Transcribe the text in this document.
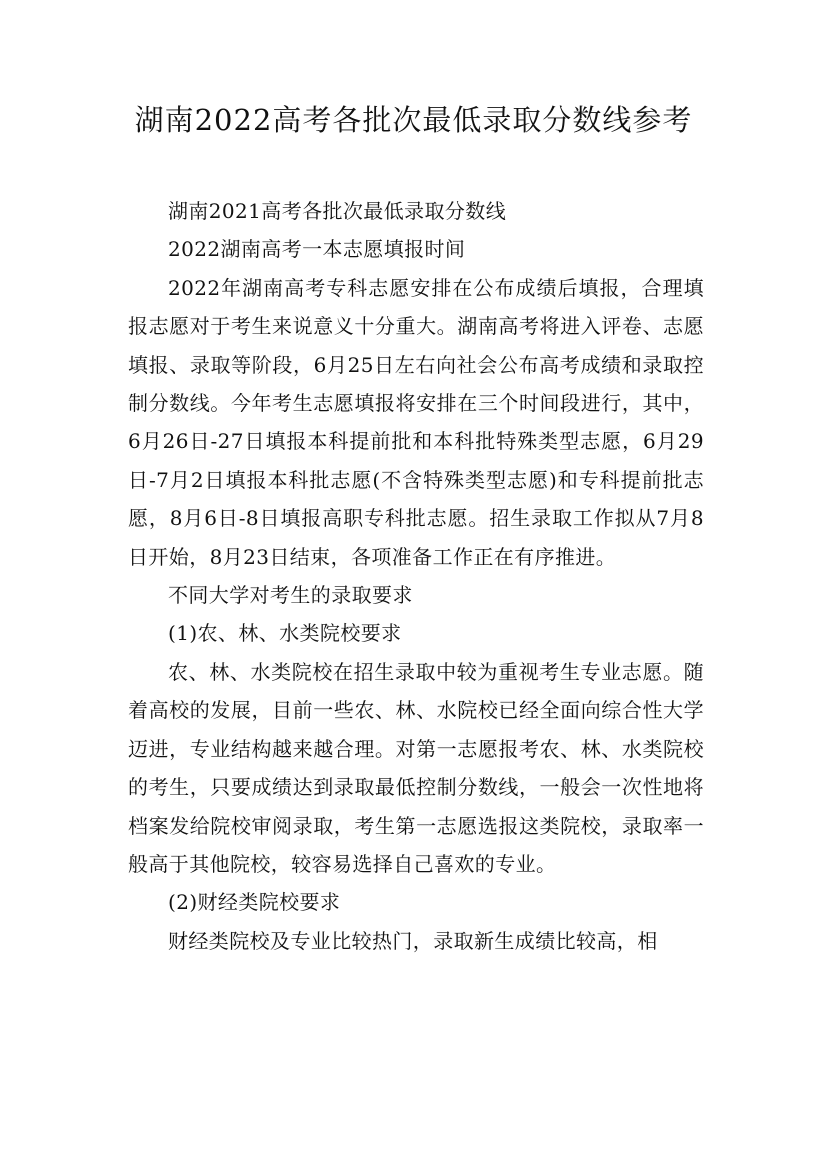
湖南2022高考各批次最低录取分数线参考

湖南2021高考各批次最低录取分数线

2022湖南高考一本志愿填报时间

2022年湖南高考专科志愿安排在公布成绩后填报，合理填报志愿对于考生来说意义十分重大。湖南高考将进入评卷、志愿填报、录取等阶段，6月25日左右向社会公布高考成绩和录取控制分数线。今年考生志愿填报将安排在三个时间段进行，其中，6月26日-27日填报本科提前批和本科批特殊类型志愿，6月29日-7月2日填报本科批志愿(不含特殊类型志愿)和专科提前批志愿，8月6日-8日填报高职专科批志愿。招生录取工作拟从7月8日开始，8月23日结束，各项准备工作正在有序推进。

不同大学对考生的录取要求

(1)农、林、水类院校要求

农、林、水类院校在招生录取中较为重视考生专业志愿。随着高校的发展，目前一些农、林、水院校已经全面向综合性大学迈进，专业结构越来越合理。对第一志愿报考农、林、水类院校的考生，只要成绩达到录取最低控制分数线，一般会一次性地将档案发给院校审阅录取，考生第一志愿选报这类院校，录取率一般高于其他院校，较容易选择自己喜欢的专业。

(2)财经类院校要求

财经类院校及专业比较热门，录取新生成绩比较高，相
